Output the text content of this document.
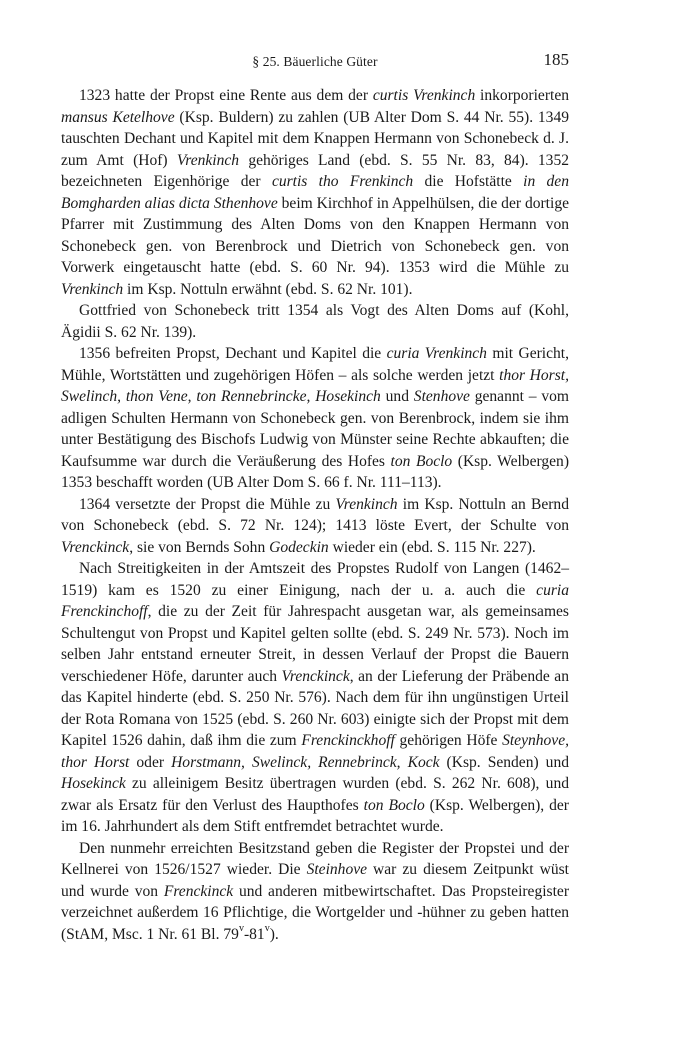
§ 25. Bäuerliche Güter	185

1323 hatte der Propst eine Rente aus dem der curtis Vrenkinch inkorporierten mansus Ketelhove (Ksp. Buldern) zu zahlen (UB Alter Dom S. 44 Nr. 55). 1349 tauschten Dechant und Kapitel mit dem Knappen Hermann von Schonebeck d. J. zum Amt (Hof) Vrenkinch gehöriges Land (ebd. S. 55 Nr. 83, 84). 1352 bezeichneten Eigenhörige der curtis tho Frenkinch die Hofstätte in den Bomgharden alias dicta Sthenhove beim Kirchhof in Appelhülsen, die der dortige Pfarrer mit Zustimmung des Alten Doms von den Knappen Hermann von Schonebeck gen. von Berenbrock und Dietrich von Schonebeck gen. von Vorwerk eingetauscht hatte (ebd. S. 60 Nr. 94). 1353 wird die Mühle zu Vrenkinch im Ksp. Nottuln erwähnt (ebd. S. 62 Nr. 101).

Gottfried von Schonebeck tritt 1354 als Vogt des Alten Doms auf (Kohl, Ägidii S. 62 Nr. 139).

1356 befreiten Propst, Dechant und Kapitel die curia Vrenkinch mit Gericht, Mühle, Wortstätten und zugehörigen Höfen – als solche werden jetzt thor Horst, Swelinch, thon Vene, ton Rennebrincke, Hosekinch und Stenhove genannt – vom adligen Schulten Hermann von Schonebeck gen. von Berenbrock, indem sie ihm unter Bestätigung des Bischofs Ludwig von Münster seine Rechte abkauften; die Kaufsumme war durch die Veräußerung des Hofes ton Boclo (Ksp. Welbergen) 1353 beschafft worden (UB Alter Dom S. 66 f. Nr. 111–113).

1364 versetzte der Propst die Mühle zu Vrenkinch im Ksp. Nottuln an Bernd von Schonebeck (ebd. S. 72 Nr. 124); 1413 löste Evert, der Schulte von Vrenckinck, sie von Bernds Sohn Godeckin wieder ein (ebd. S. 115 Nr. 227).

Nach Streitigkeiten in der Amtszeit des Propstes Rudolf von Langen (1462–1519) kam es 1520 zu einer Einigung, nach der u. a. auch die curia Frenckinchoff, die zu der Zeit für Jahrespacht ausgetan war, als gemeinsames Schultengut von Propst und Kapitel gelten sollte (ebd. S. 249 Nr. 573). Noch im selben Jahr entstand erneuter Streit, in dessen Verlauf der Propst die Bauern verschiedener Höfe, darunter auch Vrenckinck, an der Lieferung der Präbende an das Kapitel hinderte (ebd. S. 250 Nr. 576). Nach dem für ihn ungünstigen Urteil der Rota Romana von 1525 (ebd. S. 260 Nr. 603) einigte sich der Propst mit dem Kapitel 1526 dahin, daß ihm die zum Frenckinckhoff gehörigen Höfe Steynhove, thor Horst oder Horstmann, Swelinck, Rennebrinck, Kock (Ksp. Senden) und Hosekinck zu alleinigem Besitz übertragen wurden (ebd. S. 262 Nr. 608), und zwar als Ersatz für den Verlust des Haupthofes ton Boclo (Ksp. Welbergen), der im 16. Jahrhundert als dem Stift entfremdet betrachtet wurde.

Den nunmehr erreichten Besitzstand geben die Register der Propstei und der Kellnerei von 1526/1527 wieder. Die Steinhove war zu diesem Zeitpunkt wüst und wurde von Frenckinck und anderen mitbewirtschaftet. Das Propsteiregister verzeichnet außerdem 16 Pflichtige, die Wortgelder und -hühner zu geben hatten (StAM, Msc. 1 Nr. 61 Bl. 79$^v$-81$^v$).
